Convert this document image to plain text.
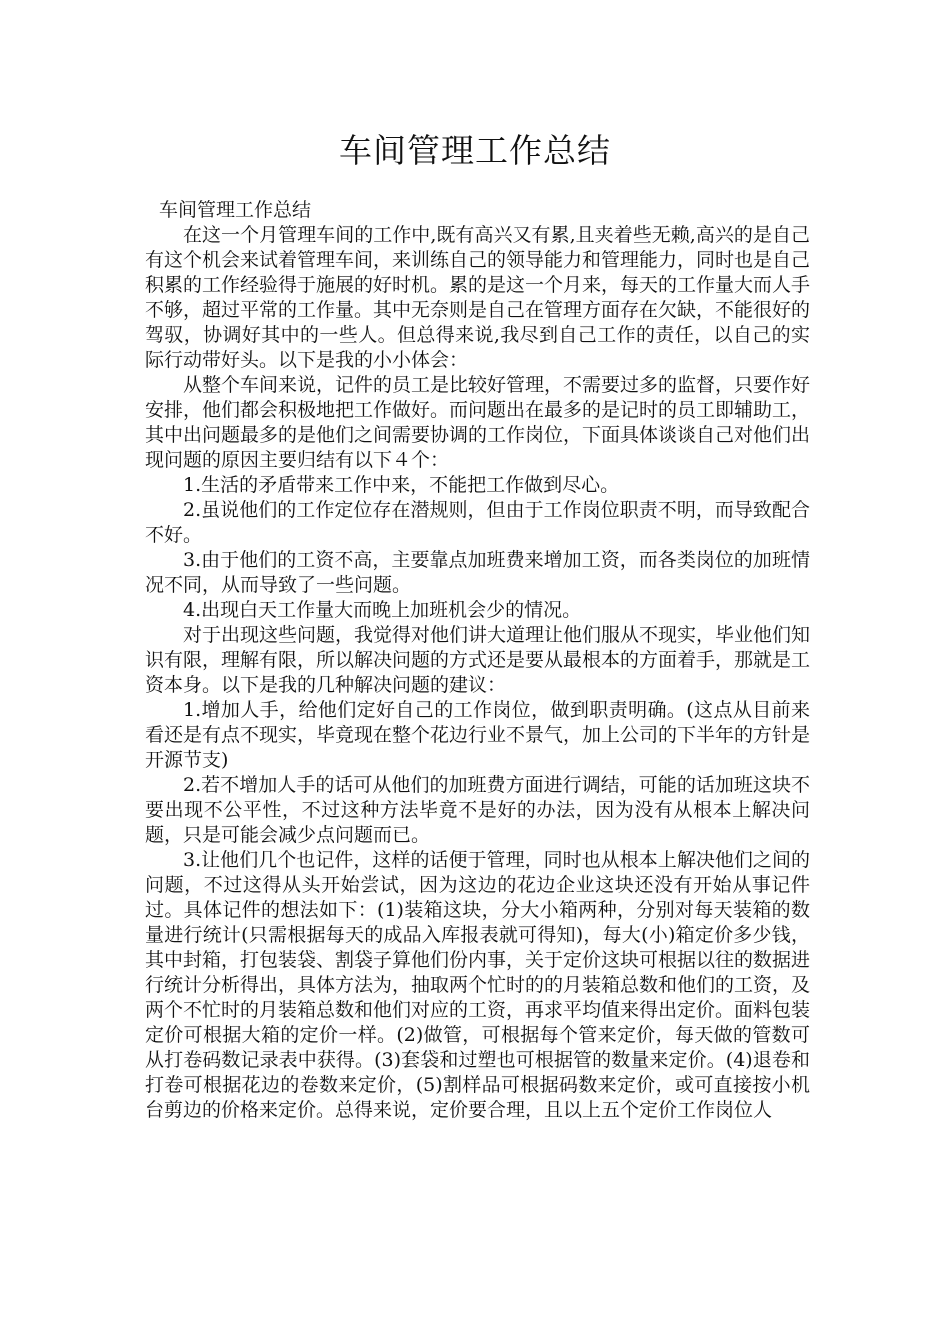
车间管理工作总结

车间管理工作总结

在这一个月管理车间的工作中,既有高兴又有累,且夹着些无赖,高兴的是自己有这个机会来试着管理车间，来训练自己的领导能力和管理能力，同时也是自己积累的工作经验得于施展的好时机。累的是这一个月来，每天的工作量大而人手不够，超过平常的工作量。其中无奈则是自己在管理方面存在欠缺，不能很好的驾驭，协调好其中的一些人。但总得来说,我尽到自己工作的责任，以自己的实际行动带好头。以下是我的小小体会：

从整个车间来说，记件的员工是比较好管理，不需要过多的监督，只要作好安排，他们都会积极地把工作做好。而问题出在最多的是记时的员工即辅助工，其中出问题最多的是他们之间需要协调的工作岗位，下面具体谈谈自己对他们出现问题的原因主要归结有以下４个：

1.生活的矛盾带来工作中来，不能把工作做到尽心。

2.虽说他们的工作定位存在潜规则，但由于工作岗位职责不明，而导致配合不好。

3.由于他们的工资不高，主要靠点加班费来增加工资，而各类岗位的加班情况不同，从而导致了一些问题。

4.出现白天工作量大而晚上加班机会少的情况。

对于出现这些问题，我觉得对他们讲大道理让他们服从不现实，毕业他们知识有限，理解有限，所以解决问题的方式还是要从最根本的方面着手，那就是工资本身。以下是我的几种解决问题的建议：

1.增加人手，给他们定好自己的工作岗位，做到职责明确。(这点从目前来看还是有点不现实，毕竟现在整个花边行业不景气，加上公司的下半年的方针是开源节支)

2.若不增加人手的话可从他们的加班费方面进行调结，可能的话加班这块不要出现不公平性，不过这种方法毕竟不是好的办法，因为没有从根本上解决问题，只是可能会减少点问题而已。

3.让他们几个也记件，这样的话便于管理，同时也从根本上解决他们之间的问题，不过这得从头开始尝试，因为这边的花边企业这块还没有开始从事记件过。具体记件的想法如下：(1)装箱这块，分大小箱两种，分别对每天装箱的数量进行统计(只需根据每天的成品入库报表就可得知)，每大(小)箱定价多少钱，其中封箱，打包装袋、割袋子算他们份内事，关于定价这块可根据以往的数据进行统计分析得出，具体方法为，抽取两个忙时的的月装箱总数和他们的工资，及两个不忙时的月装箱总数和他们对应的工资，再求平均值来得出定价。面料包装定价可根据大箱的定价一样。(2)做管，可根据每个管来定价，每天做的管数可从打卷码数记录表中获得。(3)套袋和过塑也可根据管的数量来定价。(4)退卷和打卷可根据花边的卷数来定价，(5)割样品可根据码数来定价，或可直接按小机台剪边的价格来定价。总得来说，定价要合理，且以上五个定价工作岗位人
